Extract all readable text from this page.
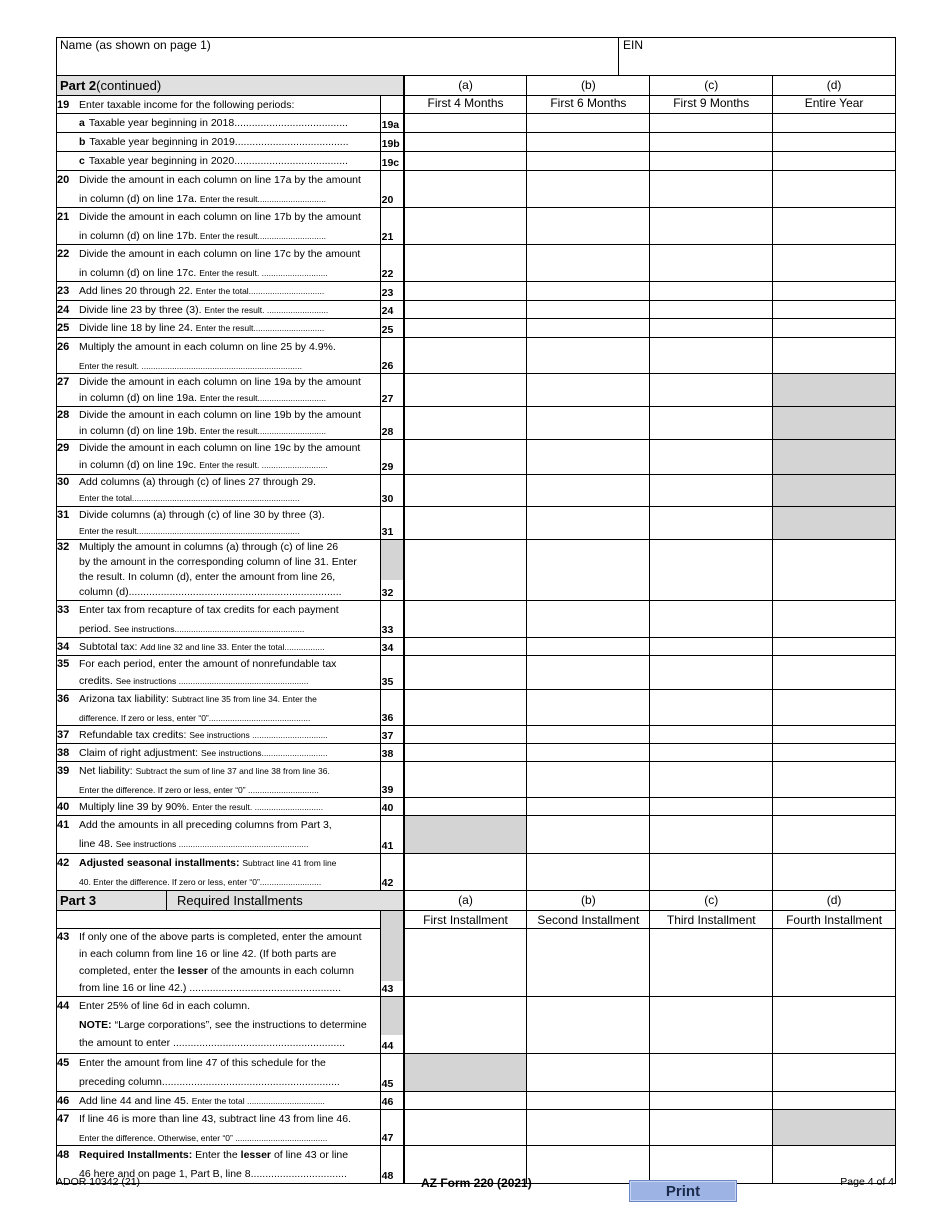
Name (as shown on page 1)	EIN
Part 2 (continued)	(a)	(b)	(c)	(d)
19 Enter taxable income for the following periods:	First 4 Months	First 6 Months	First 9 Months	Entire Year
a Taxable year beginning in 2018.......................................	19a
b Taxable year beginning in 2019.......................................	19b
c Taxable year beginning in 2020.......................................	19c
20 Divide the amount in each column on line 17a by the amount
in column (d) on line 17a. Enter the result.............................	20
21 Divide the amount in each column on line 17b by the amount
in column (d) on line 17b. Enter the result.............................	21
22 Divide the amount in each column on line 17c by the amount
in column (d) on line 17c. Enter the result. ............................	22
23 Add lines 20 through 22. Enter the total................................	23
24 Divide line 23 by three (3). Enter the result. ..........................	24
25 Divide line 18 by line 24. Enter the result..............................	25
26 Multiply the amount in each column on line 25 by 4.9%.
Enter the result. ....................................................................	26
27 Divide the amount in each column on line 19a by the amount
in column (d) on line 19a. Enter the result.............................	27
28 Divide the amount in each column on line 19b by the amount
in column (d) on line 19b. Enter the result.............................	28
29 Divide the amount in each column on line 19c by the amount
in column (d) on line 19c. Enter the result. ............................	29
30 Add columns (a) through (c) of lines 27 through 29.
Enter the total.......................................................................	30
31 Divide columns (a) through (c) of line 30 by three (3).
Enter the result.....................................................................	31
32 Multiply the amount in columns (a) through (c) of line 26
by the amount in the corresponding column of line 31. Enter
the result. In column (d), enter the amount from line 26,
column (d).........................................................................	32
33 Enter tax from recapture of tax credits for each payment
period. See instructions.......................................................	33
34 Subtotal tax: Add line 32 and line 33. Enter the total.................	34
35 For each period, enter the amount of nonrefundable tax
credits. See instructions .......................................................	35
36 Arizona tax liability: Subtract line 35 from line 34. Enter the
difference. If zero or less, enter “0”...........................................	36
37 Refundable tax credits: See instructions ................................	37
38 Claim of right adjustment: See instructions............................	38
39 Net liability: Subtract the sum of line 37 and line 38 from line 36.
Enter the difference. If zero or less, enter “0” ..............................	39
40 Multiply line 39 by 90%. Enter the result. .............................	40
41 Add the amounts in all preceding columns from Part 3,
line 48. See instructions .......................................................	41
42 Adjusted seasonal installments: Subtract line 41 from line
40. Enter the difference. If zero or less, enter “0”..........................	42
Part 3	Required Installments	(a)	(b)	(c)	(d)
First Installment	Second Installment	Third Installment	Fourth Installment
43 If only one of the above parts is completed, enter the amount
in each column from line 16 or line 42. (If both parts are
completed, enter the lesser of the amounts in each column
from line 16 or line 42.) ....................................................	43
44 Enter 25% of line 6d in each column.
NOTE: “Large corporations”, see the instructions to determine
the amount to enter ...........................................................	44
45 Enter the amount from line 47 of this schedule for the
preceding column.............................................................	45
46 Add line 44 and line 45. Enter the total .................................	46
47 If line 46 is more than line 43, subtract line 43 from line 46.
Enter the difference. Otherwise, enter “0” .......................................	47
48 Required Installments: Enter the lesser of line 43 or line
46 here and on page 1, Part B, line 8.................................	48
ADOR 10342 (21)	AZ Form 220 (2021)	Page 4 of 4
Print
